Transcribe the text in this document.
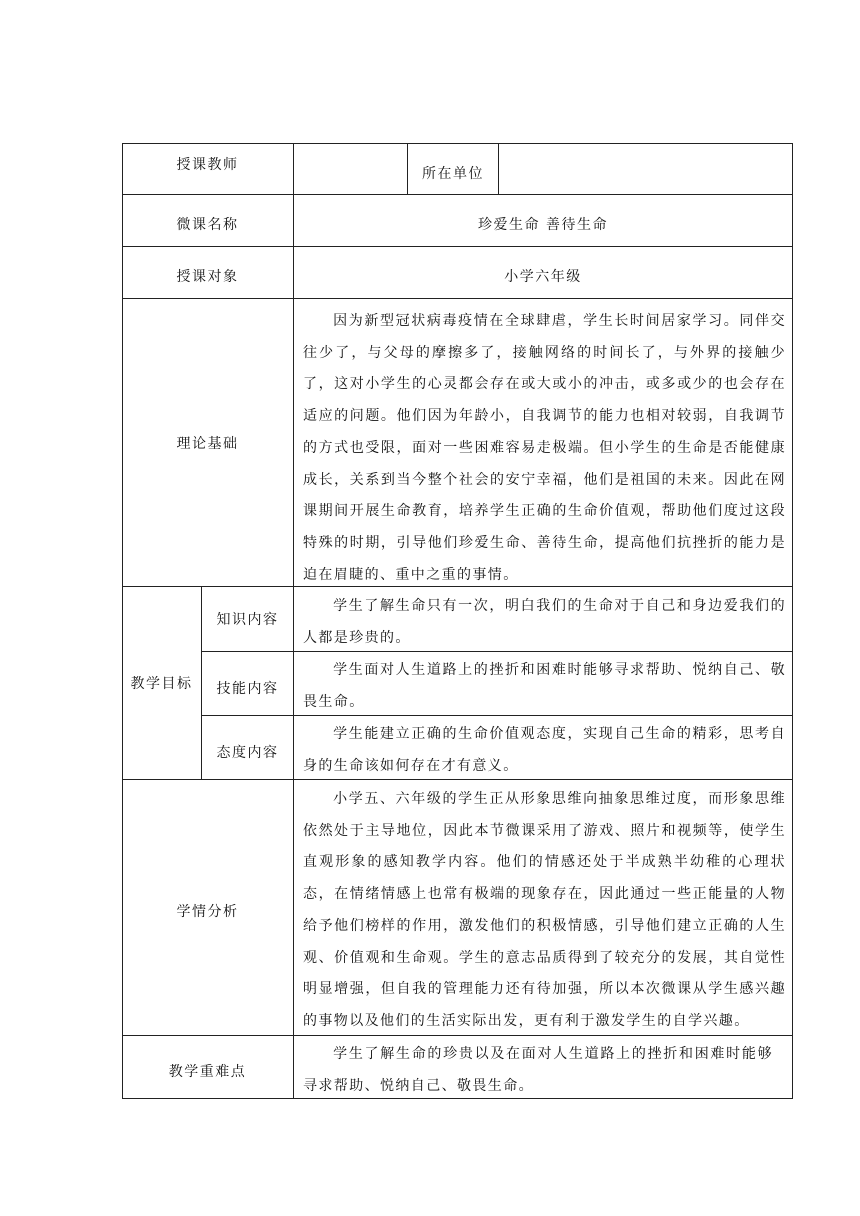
授课教师
所在单位
微课名称	珍爱生命 善待生命
授课对象	小学六年级
理论基础

因为新型冠状病毒疫情在全球肆虐，学生长时间居家学习。同伴交往少了，与父母的摩擦多了，接触网络的时间长了，与外界的接触少了，这对小学生的心灵都会存在或大或小的冲击，或多或少的也会存在适应的问题。他们因为年龄小，自我调节的能力也相对较弱，自我调节的方式也受限，面对一些困难容易走极端。但小学生的生命是否能健康成长，关系到当今整个社会的安宁幸福，他们是祖国的未来。因此在网课期间开展生命教育，培养学生正确的生命价值观，帮助他们度过这段特殊的时期，引导他们珍爱生命、善待生命，提高他们抗挫折的能力是迫在眉睫的、重中之重的事情。

教学目标
知识内容

学生了解生命只有一次，明白我们的生命对于自己和身边爱我们的人都是珍贵的。

技能内容

学生面对人生道路上的挫折和困难时能够寻求帮助、悦纳自己、敬畏生命。

态度内容

学生能建立正确的生命价值观态度，实现自己生命的精彩，思考自身的生命该如何存在才有意义。

学情分析

小学五、六年级的学生正从形象思维向抽象思维过度，而形象思维依然处于主导地位，因此本节微课采用了游戏、照片和视频等，使学生直观形象的感知教学内容。他们的情感还处于半成熟半幼稚的心理状态，在情绪情感上也常有极端的现象存在，因此通过一些正能量的人物给予他们榜样的作用，激发他们的积极情感，引导他们建立正确的人生观、价值观和生命观。学生的意志品质得到了较充分的发展，其自觉性明显增强，但自我的管理能力还有待加强，所以本次微课从学生感兴趣的事物以及他们的生活实际出发，更有利于激发学生的自学兴趣。

教学重难点

学生了解生命的珍贵以及在面对人生道路上的挫折和困难时能够寻求帮助、悦纳自己、敬畏生命。
